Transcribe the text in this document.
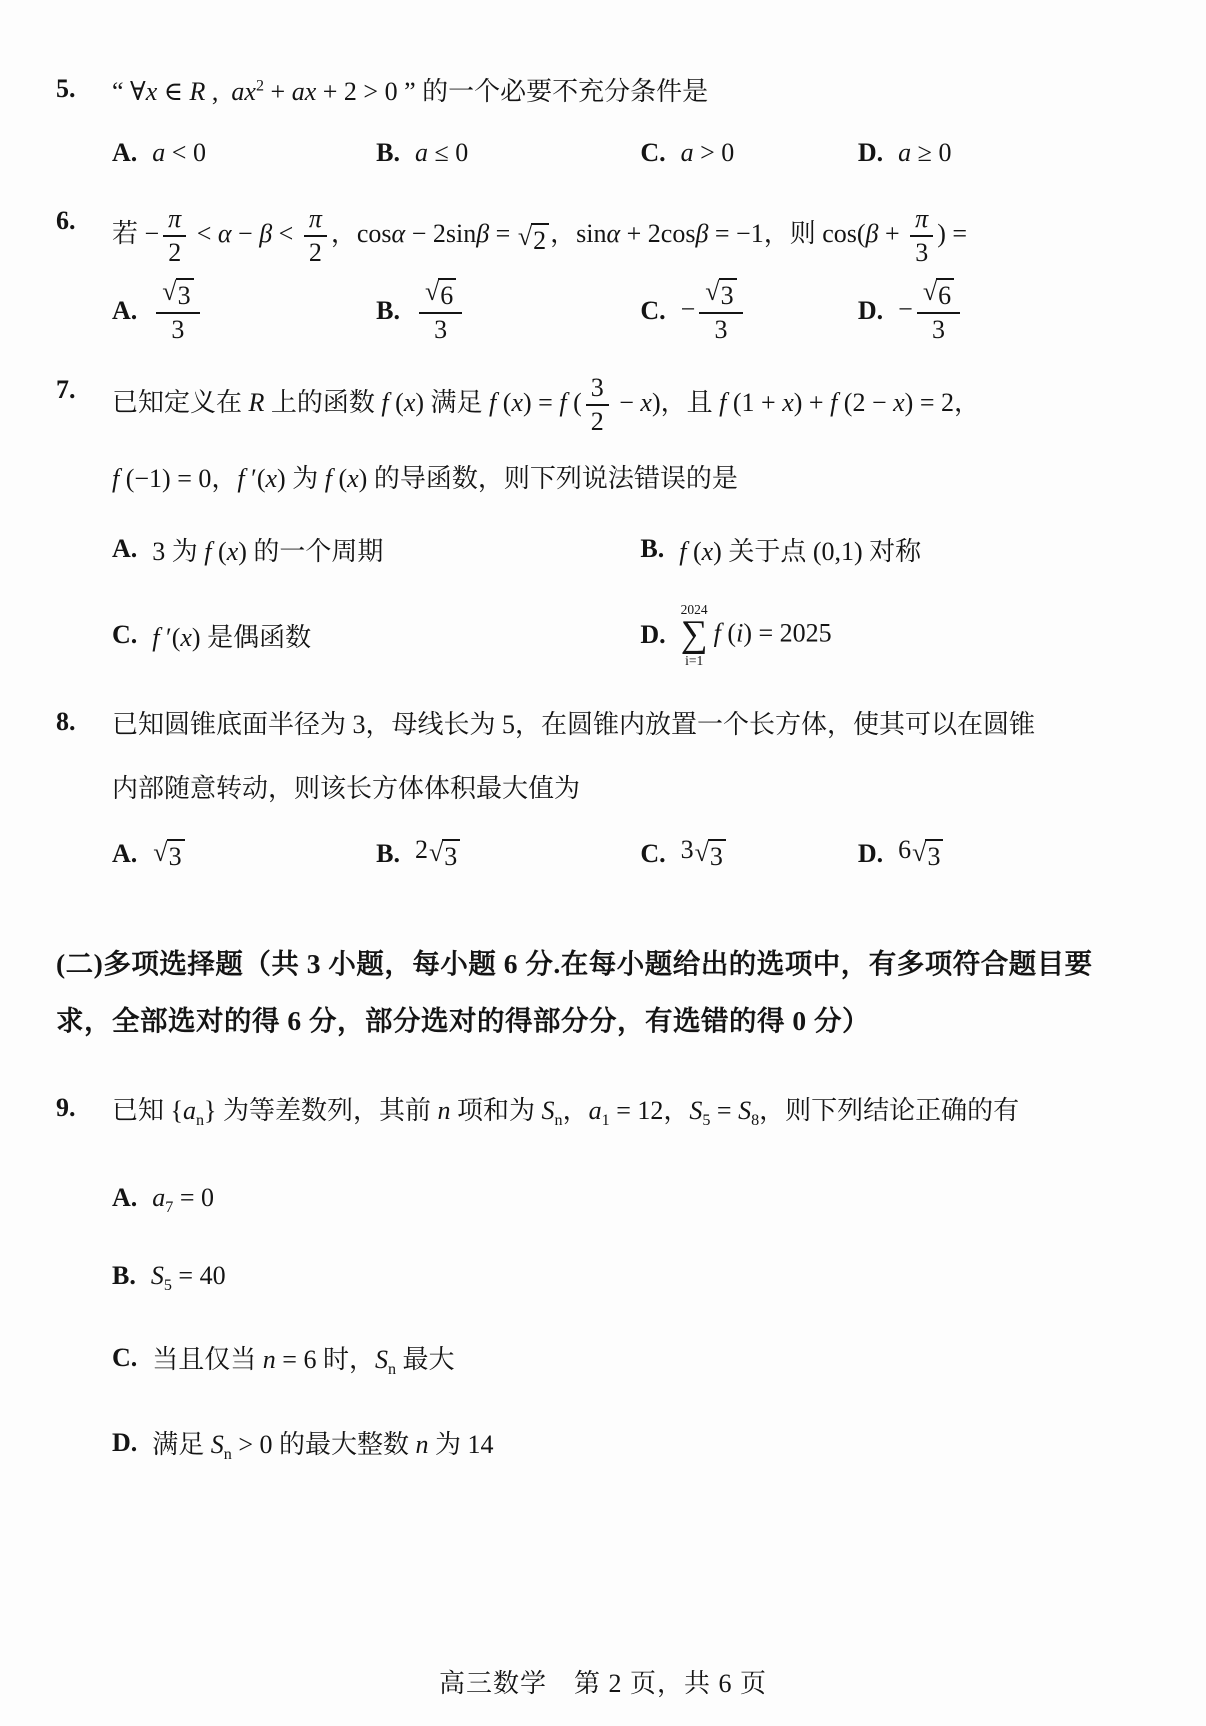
5.	“ ∀x ∈ R ,  $ax^2$ + ax + 2 > 0 ” 的一个必要不充分条件是
A. a < 0	B. a ≤ 0	C. a > 0	D. a ≥ 0
6.	若 − $\frac{\pi}{2} < \alpha - \beta < \frac{\pi}{2}$ ，cosα − 2sinβ = √ 2 ，sinα + 2cosβ = −1，则 $\cos(\beta + \frac{\pi}{3}$ ) =
A. $\frac{√ 3}{3}$	B. $\frac{√ 6}{3}$	C. − $\frac{√ 3}{3}$	D. − $\frac{√ 6}{3}$
7.	已知定义在 R 上的函数 f (x) 满足 f (x) = f ( $\frac{3}{2} - x$)，且 f (1 + x) + f (2 − x) = 2，
f (−1) = 0，f ′(x) 为 f (x) 的导函数，则下列说法错误的是
A. 3 为 f (x) 的一个周期	B. f (x) 关于点 (0,1) 对称
C. f ′(x) 是偶函数	D.
2024
∑
i=1
f (i) = 2025
8.	已知圆锥底面半径为 3，母线长为 5，在圆锥内放置一个长方体，使其可以在圆锥
内部随意转动，则该长方体体积最大值为
A. √ 3	B. 2 √ 3	C. 3 √ 3	D. 6 √ 3
(二)多项选择题（共 3 小题，每小题 6 分.在每小题给出的选项中，有多项符合题目要求，全部选对的得 6 分，部分选对的得部分分，有选错的得 0 分）
9.	已知 $\{a_n\}$ 为等差数列，其前 n 项和为 $S_n$，$a_1 = 12$，$S_5 = S_8$，则下列结论正确的有
A. $a_7 = 0$
B. $S_5 = 40$
C. 当且仅当 n = 6 时，$S_n$ 最大
D. 满足 $S_n > 0$ 的最大整数 n 为 14
高三数学　第 2 页，共 6 页
